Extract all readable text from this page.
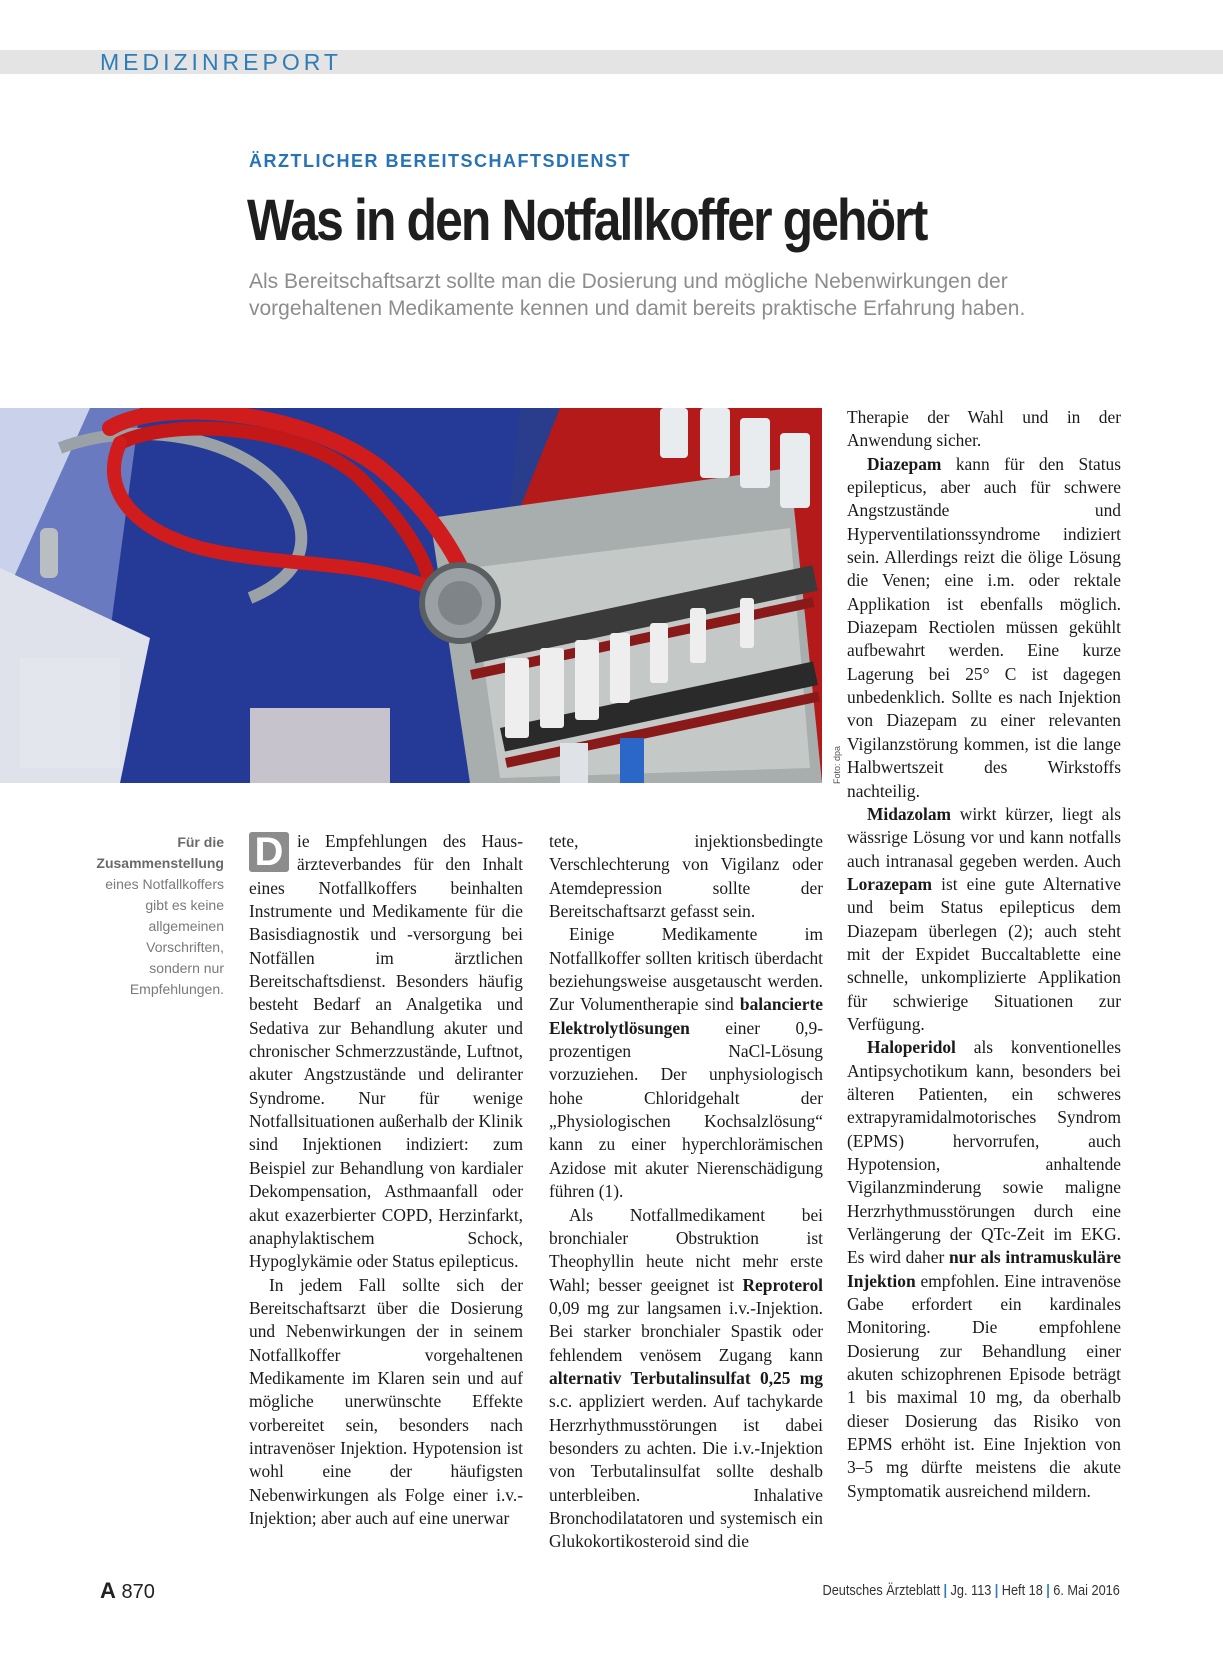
MEDIZINREPORT
ÄRZTLICHER BEREITSCHAFTSDIENST
Was in den Notfallkoffer gehört
Als Bereitschaftsarzt sollte man die Dosierung und mögliche Nebenwirkungen der vorgehaltenen Medikamente kennen und damit bereits praktische Erfahrung haben.
Foto: dpa
Für die Zusammenstellung eines Notfallkoffers gibt es keine allgemeinen Vorschriften, sondern nur Empfehlungen.

D ie Empfehlungen des Hausärzteverbandes für den Inhalt eines Notfallkoffers beinhalten Instrumente und Medikamente für die Basisdiagnostik und -versorgung bei Notfällen im ärztlichen Bereitschaftsdienst. Besonders häufig besteht Bedarf an Analgetika und Sedativa zur Behandlung akuter und chronischer Schmerzzustände, Luftnot, akuter Angstzustände und deliranter Syndrome. Nur für wenige Notfallsituationen außerhalb der Klinik sind Injektionen indiziert: zum Beispiel zur Behandlung von kardialer Dekompensation, Asthmaanfall oder akut exazerbierter COPD, Herzinfarkt, anaphylaktischem Schock, Hypoglykämie oder Status epilepticus.

In jedem Fall sollte sich der Bereitschaftsarzt über die Dosierung und Nebenwirkungen der in seinem Notfallkoffer vorgehaltenen Medikamente im Klaren sein und auf mögliche unerwünschte Effekte vorbereitet sein, besonders nach intravenöser Injektion. Hypotension ist wohl eine der häufigsten Nebenwirkungen als Folge einer i.v.-Injektion; aber auch auf eine unerwar

tete, injektionsbedingte Verschlechterung von Vigilanz oder Atemdepression sollte der Bereitschaftsarzt gefasst sein.

Einige Medikamente im Notfallkoffer sollten kritisch überdacht beziehungsweise ausgetauscht werden. Zur Volumentherapie sind balancierte Elektrolytlösungen einer 0,9-prozentigen NaCl-Lösung vorzuziehen. Der unphysiologisch hohe Chloridgehalt der „Physiologischen Kochsalzlösung“ kann zu einer hyperchlorämischen Azidose mit akuter Nierenschädigung führen (1).

Als Notfallmedikament bei bronchialer Obstruktion ist Theophyllin heute nicht mehr erste Wahl; besser geeignet ist Reproterol 0,09 mg zur langsamen i.v.-Injektion. Bei starker bronchialer Spastik oder fehlendem venösem Zugang kann alternativ Terbutalinsulfat 0,25 mg s.c. appliziert werden. Auf tachykarde Herzrhythmusstörungen ist dabei besonders zu achten. Die i.v.-Injektion von Terbutalinsulfat sollte deshalb unterbleiben. Inhalative Bronchodilatatoren und systemisch ein Glukokortikosteroid sind die

Therapie der Wahl und in der Anwendung sicher.

Diazepam kann für den Status epilepticus, aber auch für schwere Angstzustände und Hyperventilationssyndrome indiziert sein. Allerdings reizt die ölige Lösung die Venen; eine i.m. oder rektale Applikation ist ebenfalls möglich. Diazepam Rectiolen müssen gekühlt aufbewahrt werden. Eine kurze Lagerung bei 25° C ist dagegen unbedenklich. Sollte es nach Injektion von Diazepam zu einer relevanten Vigilanzstörung kommen, ist die lange Halbwertszeit des Wirkstoffs nachteilig.

Midazolam wirkt kürzer, liegt als wässrige Lösung vor und kann notfalls auch intranasal gegeben werden. Auch Lorazepam ist eine gute Alternative und beim Status epilepticus dem Diazepam überlegen (2); auch steht mit der Expidet Buccaltablette eine schnelle, unkomplizierte Applikation für schwierige Situationen zur Verfügung.

Haloperidol als konventionelles Antipsychotikum kann, besonders bei älteren Patienten, ein schweres extrapyramidalmotorisches Syndrom (EPMS) hervorrufen, auch Hypotension, anhaltende Vigilanzminderung sowie maligne Herzrhythmusstörungen durch eine Verlängerung der QTc-Zeit im EKG. Es wird daher nur als intramuskuläre Injektion empfohlen. Eine intravenöse Gabe erfordert ein kardinales Monitoring. Die empfohlene Dosierung zur Behandlung einer akuten schizophrenen Episode beträgt 1 bis maximal 10 mg, da oberhalb dieser Dosierung das Risiko von EPMS erhöht ist. Eine Injektion von 3–5 mg dürfte meistens die akute Symptomatik ausreichend mildern.

A 870	Deutsches Ärzteblatt | Jg. 113 | Heft 18 | 6. Mai 2016
